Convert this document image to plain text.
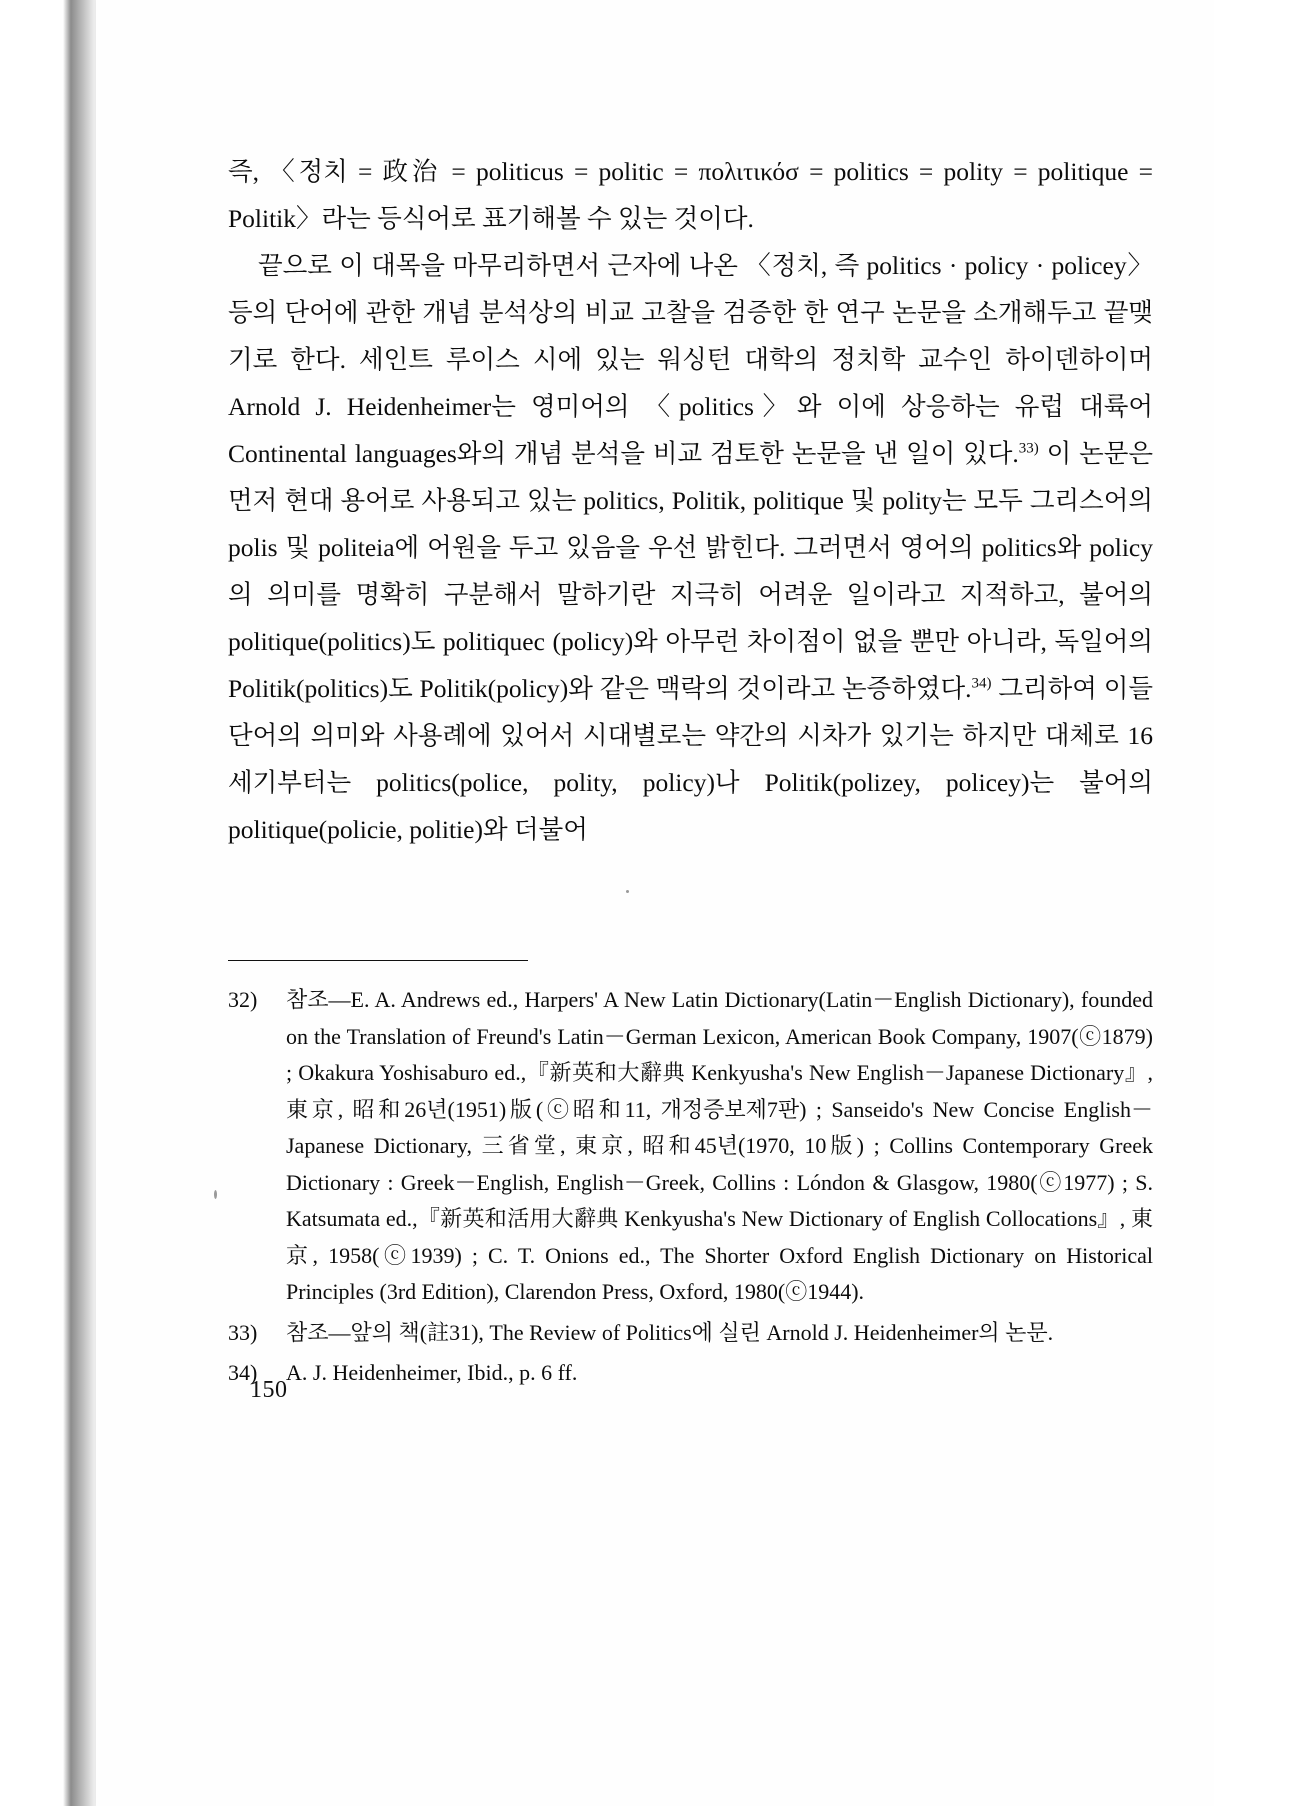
즉, 〈정치 = 政治 = politicus = politic = πολιτικόσ = politics = polity = politique = Politik〉라는 등식어로 표기해볼 수 있는 것이다.

끝으로 이 대목을 마무리하면서 근자에 나온 〈정치, 즉 politics · policy · policey〉 등의 단어에 관한 개념 분석상의 비교 고찰을 검증한 한 연구 논문을 소개해두고 끝맺기로 한다. 세인트 루이스 시에 있는 워싱턴 대학의 정치학 교수인 하이덴하이머 Arnold J. Heidenheimer는 영미어의 〈politics〉와 이에 상응하는 유럽 대륙어 Continental languages와의 개념 분석을 비교 검토한 논문을 낸 일이 있다.$^{33)}$ 이 논문은 먼저 현대 용어로 사용되고 있는 politics, Politik, politique 및 polity는 모두 그리스어의 polis 및 politeia에 어원을 두고 있음을 우선 밝힌다. 그러면서 영어의 politics와 policy의 의미를 명확히 구분해서 말하기란 지극히 어려운 일이라고 지적하고, 불어의 politique(politics)도 politiquec (policy)와 아무런 차이점이 없을 뿐만 아니라, 독일어의 Politik(politics)도 Politik(policy)와 같은 맥락의 것이라고 논증하였다.$^{34)}$ 그리하여 이들 단어의 의미와 사용례에 있어서 시대별로는 약간의 시차가 있기는 하지만 대체로 16세기부터는 politics(police, polity, policy)나 Politik(polizey, policey)는 불어의 politique(policie, politie)와 더불어

32)	참조—E. A. Andrews ed., Harpers' A New Latin Dictionary(Latin－English Dictionary), founded on the Translation of Freund's Latin－German Lexicon, American Book Company, 1907(ⓒ1879) ; Okakura Yoshisaburo ed.,『新英和大辭典 Kenkyusha's New English－Japanese Dictionary』, 東京, 昭和26년(1951)版(ⓒ昭和11, 개정증보제7판) ; Sanseido's New Concise English－Japanese Dictionary, 三省堂, 東京, 昭和45년(1970, 10版) ; Collins Contemporary Greek Dictionary : Greek－English, English－Greek, Collins : Lóndon & Glasgow, 1980(ⓒ1977) ; S. Katsumata ed.,『新英和活用大辭典 Kenkyusha's New Dictionary of English Collocations』, 東京, 1958(ⓒ1939) ; C. T. Onions ed., The Shorter Oxford English Dictionary on Historical Principles (3rd Edition), Clarendon Press, Oxford, 1980(ⓒ1944).
33)	참조—앞의 책(註31), The Review of Politics에 실린 Arnold J. Heidenheimer의 논문.
34)	A. J. Heidenheimer, Ibid., p. 6 ff.
150
